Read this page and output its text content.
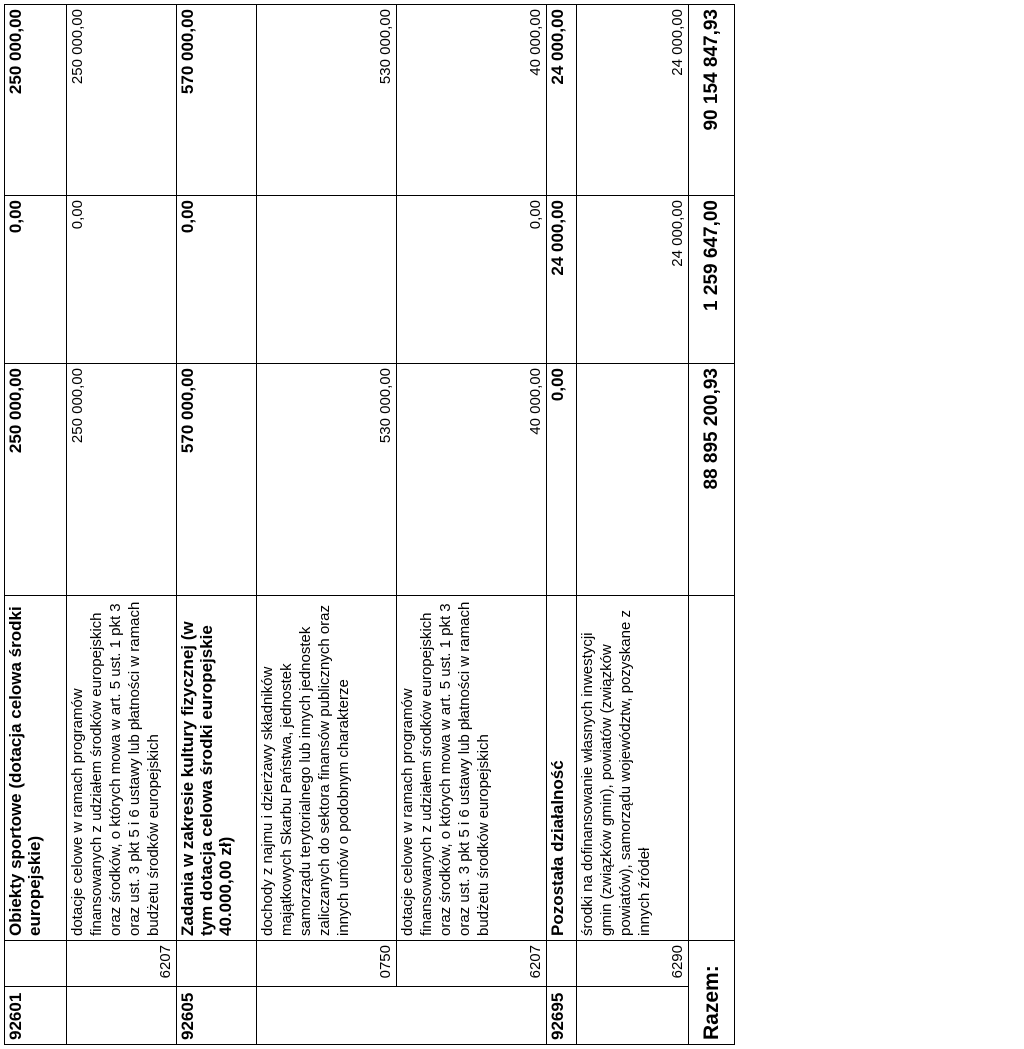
92601		Obiekty sportowe (dotacja celowa środki europejskie)	250 000,00	0,00	250 000,00
	6207	dotacje celowe w ramach programów finansowanych z udziałem środków europejskich oraz środków, o których mowa w art. 5 ust. 1 pkt 3 oraz ust. 3 pkt 5 i 6 ustawy lub płatności w ramach budżetu środków europejskich	250 000,00	0,00	250 000,00
92605		Zadania w zakresie kultury fizycznej (w tym dotacja celowa środki europejskie 40.000,00 zł)	570 000,00	0,00	570 000,00
	0750	dochody z najmu i dzierżawy składników majątkowych Skarbu Państwa, jednostek samorządu terytorialnego lub innych jednostek zaliczanych do sektora finansów publicznych oraz innych umów o podobnym charakterze	530 000,00		530 000,00
	6207	dotacje celowe w ramach programów finansowanych z udziałem środków europejskich oraz środków, o których mowa w art. 5 ust. 1 pkt 3 oraz ust. 3 pkt 5 i 6 ustawy lub płatności w ramach budżetu środków europejskich	40 000,00	0,00	40 000,00
92695		Pozostała działalność	0,00	24 000,00	24 000,00
	6290	środki na dofinansowanie własnych inwestycji gmin (związków gmin), powiatów (związków powiatów), samorządu województw, pozyskane z innych źródeł		24 000,00	24 000,00
Razem:			88 895 200,93	1 259 647,00	90 154 847,93
